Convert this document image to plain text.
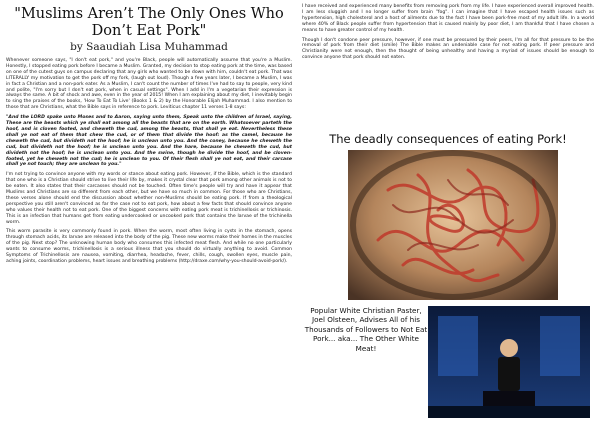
"Muslims Aren’t The Only Ones Who Don’t Eat Pork"
by Saaudiah Lisa Muhammad

Whenever someone says, "I don't eat pork," and you're Black, people will automatically assume that you're a Muslim. Honestly, I stopped eating pork before I became a Muslim. Granted, my decision to stop eating pork at the time, was based on one of the cutest guys on campus declaring that any girls who wanted to be down with him, couldn't eat pork. That was LITERALLY my motivation to get the pork off my fork, (laugh out loud). Though a few years later, I became a Muslim, I was in fact a Christian and a non-pork eater. As a Muslim, I can't count the number of times I've had to say to people, very kind and polite, "I'm sorry but I don't eat pork, when in casual settings". When I add in I'm a vegetarian their expression is always the same. A bit of shock and awe, even in the year of 2015! When I am explaining about my diet, I inevitably begin to sing the praises of the books, 'How To Eat To Live' (Books 1 & 2) by the Honorable Elijah Muhammad. I also mention to those that are Christians, what the Bible says in reference to pork. Leviticus chapter 11 verses 1-8 says:

"And the LORD spake unto Moses and to Aaron, saying unto them, Speak unto the children of Israel, saying, These are the beasts which ye shall eat among all the beasts that are on the earth. Whatsoever parteth the hoof, and is cloven footed, and cheweth the cud, among the beasts, that shall ye eat. Nevertheless these shall ye not eat of them that chew the cud, or of them that divide the hoof: as the camel, because he cheweth the cud, but divideth not the hoof; he is unclean unto you. And the coney, because he cheweth the cud, but divideth not the hoof; he is unclean unto you. And the hare, because he cheweth the cud, but divideth not the hoof; he is unclean unto you. And the swine, though he divide the hoof, and be cloven-footed, yet he cheweth not the cud; he is unclean to you. Of their flesh shall ye not eat, and their carcase shall ye not touch; they are unclean to you."

I'm not trying to convince anyone with my words or stance about eating pork. However, if the Bible, which is the standard that one who is a Christian should strive to live their life by, makes it crystal clear that pork among other animals is not to be eaten. It also states that their carcasses should not be touched. Often time's people will try and have it appear that Muslims and Christians are so different from each other, but we have so much in common. For those who are Christians, these verses alone should end the discussion about whether non-Muslims should be eating pork. If from a theological perspective you still aren't convinced as far the case not to eat pork, how about a few facts that should convince anyone who values their health not to eat pork. One of the biggest concerns with eating pork meat is trichinellosis or trichinosis. This is an infection that humans get from eating undercooked or uncooked pork that contains the larvae of the trichinella worm.

This worm parasite is very commonly found in pork. When the worm, most often living in cysts in the stomach, opens through stomach acids, its larvae are released into the body of the pig. These new worms make their homes in the muscles of the pig. Next stop? The unknowing human body who consumes this infected meat flesh. And while no one particularly wants to consume worms, trichinellosis is a serious illness that you should do virtually anything to avoid. Common Symptoms of Trichinellosis are nausea, vomiting, diarrhea, headache, fever, chills, cough, swollen eyes, muscle pain, aching joints, coordination problems, heart issues and breathing problems (http://draxe.com/why-you-should-avoid-pork/).

I have received and experienced many benefits from removing pork from my life. I have experienced overall improved health. I am less sluggish and I no longer suffer from brain "fog". I can imagine that I have escaped health issues such as hypertension, high cholesterol and a host of ailments due to the fact I have been pork-free most of my adult life. In a world where 40% of Black people suffer from hypertension that is caused mainly by poor diet, I am thankful that I have chosen a means to have greater control of my health.

Though I don't condone peer pressure, however, if one must be pressured by their peers, I'm all for that pressure to be the removal of pork from their diet (smile) The Bible makes an undeniable case for not eating pork. If peer pressure and Christianity were not enough, then the thought of being unhealthy and having a myriad of issues should be enough to convince anyone that pork should not eaten.

The deadly consequences of eating Pork!
Popular White Christian Paster, Joel Olsteen, Advises All of his Thousands of Followers to Not Eat Pork... aka... The Other White Meat!
